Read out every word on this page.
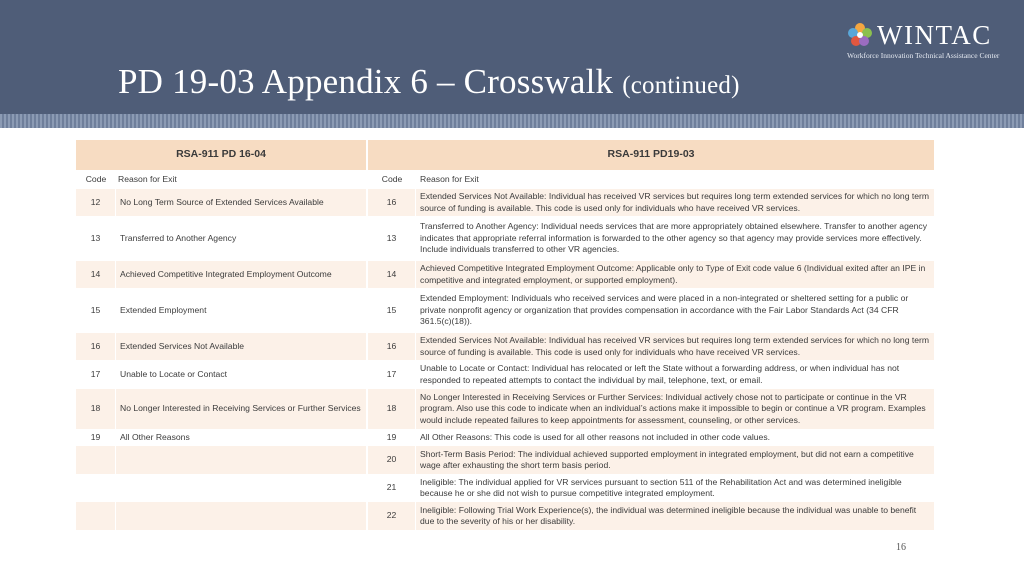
PD 19-03 Appendix 6 – Crosswalk (continued)
WINTAC
Workforce Innovation Technical Assistance Center
RSA-911 PD 16-04		RSA-911 PD19-03	
Code	Reason for Exit	Code	Reason for Exit
12	No Long Term Source of Extended Services Available	16	Extended Services Not Available: Individual has received VR services but requires long term extended services for which no long term source of funding is available. This code is used only for individuals who have received VR services.
13	Transferred to Another Agency	13	Transferred to Another Agency: Individual needs services that are more appropriately obtained elsewhere. Transfer to another agency indicates that appropriate referral information is forwarded to the other agency so that agency may provide services more effectively. Include individuals transferred to other VR agencies.
14	Achieved Competitive Integrated Employment Outcome	14	Achieved Competitive Integrated Employment Outcome: Applicable only to Type of Exit code value 6 (Individual exited after an IPE in competitive and integrated employment, or supported employment).
15	Extended Employment	15	Extended Employment: Individuals who received services and were placed in a non-integrated or sheltered setting for a public or private nonprofit agency or organization that provides compensation in accordance with the Fair Labor Standards Act (34 CFR 361.5(c)(18)).
16	Extended Services Not Available	16	Extended Services Not Available: Individual has received VR services but requires long term extended services for which no long term source of funding is available. This code is used only for individuals who have received VR services.
17	Unable to Locate or Contact	17	Unable to Locate or Contact: Individual has relocated or left the State without a forwarding address, or when individual has not responded to repeated attempts to contact the individual by mail, telephone, text, or email.
18	No Longer Interested in Receiving Services or Further Services	18	No Longer Interested in Receiving Services or Further Services: Individual actively chose not to participate or continue in the VR program. Also use this code to indicate when an individual’s actions make it impossible to begin or continue a VR program. Examples would include repeated failures to keep appointments for assessment, counseling, or other services.
19	All Other Reasons	19	All Other Reasons: This code is used for all other reasons not included in other code values.
		20	Short-Term Basis Period: The individual achieved supported employment in integrated employment, but did not earn a competitive wage after exhausting the short term basis period.
		21	Ineligible: The individual applied for VR services pursuant to section 511 of the Rehabilitation Act and was determined ineligible because he or she did not wish to pursue competitive integrated employment.
		22	Ineligible: Following Trial Work Experience(s), the individual was determined ineligible because the individual was unable to benefit due to the severity of his or her disability.
16
